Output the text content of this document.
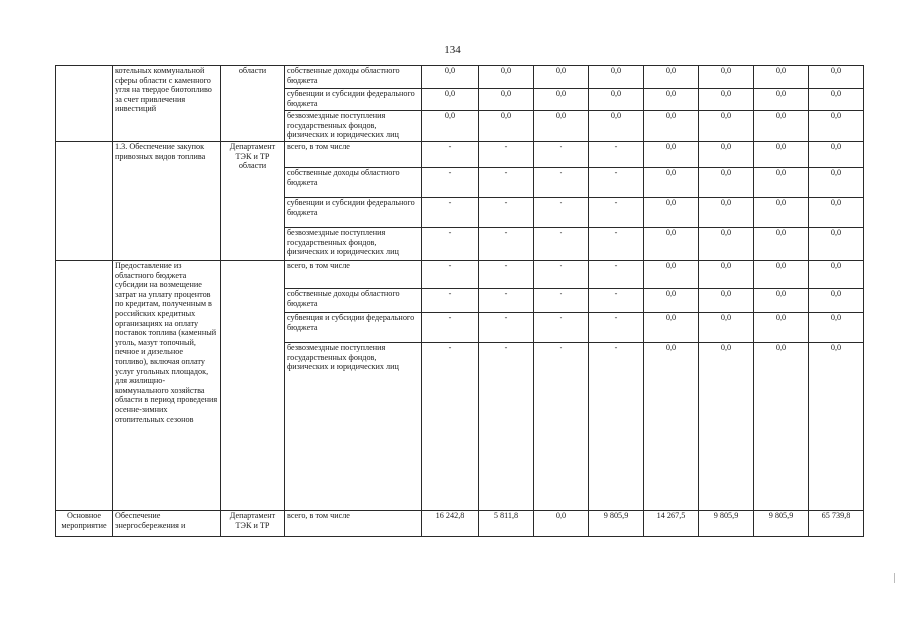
134
	котельных коммунальной сферы области с каменного угля на твердое биотопливо за счет привлечения инвестиций	области	собственные доходы областного бюджета	0,0	0,0	0,0	0,0	0,0	0,0	0,0	0,0
			субвенции и субсидии федерального бюджета	0,0	0,0	0,0	0,0	0,0	0,0	0,0	0,0
			безвозмездные поступления государственных фондов, физических и юридических лиц	0,0	0,0	0,0	0,0	0,0	0,0	0,0	0,0
	1.3. Обеспечение закупок привозных видов топлива	Департамент ТЭК и ТР области	всего, в том числе	-	-	-	-	0,0	0,0	0,0	0,0
			собственные доходы областного бюджета	-	-	-	-	0,0	0,0	0,0	0,0
			субвенции и субсидии федерального бюджета	-	-	-	-	0,0	0,0	0,0	0,0
			безвозмездные поступления государственных фондов, физических и юридических лиц	-	-	-	-	0,0	0,0	0,0	0,0
	Предоставление из областного бюджета субсидии на возмещение затрат на уплату процентов по кредитам, полученным в российских кредитных организациях на оплату поставок топлива (каменный уголь, мазут топочный, печное и дизельное топливо), включая оплату услуг угольных площадок, для жилищно-коммунального хозяйства области в период проведения осенне-зимних отопительных сезонов		всего, в том числе	-	-	-	-	0,0	0,0	0,0	0,0
			собственные доходы областного бюджета	-	-	-	-	0,0	0,0	0,0	0,0
			субвенция и субсидии федерального бюджета	-	-	-	-	0,0	0,0	0,0	0,0
			безвозмездные поступления государственных фондов, физических и юридических лиц	-	-	-	-	0,0	0,0	0,0	0,0
Основное мероприятие	Обеспечение энергосбережения и	Департамент ТЭК и ТР	всего, в том числе	16 242,8	5 811,8	0,0	9 805,9	14 267,5	9 805,9	9 805,9	65 739,8
